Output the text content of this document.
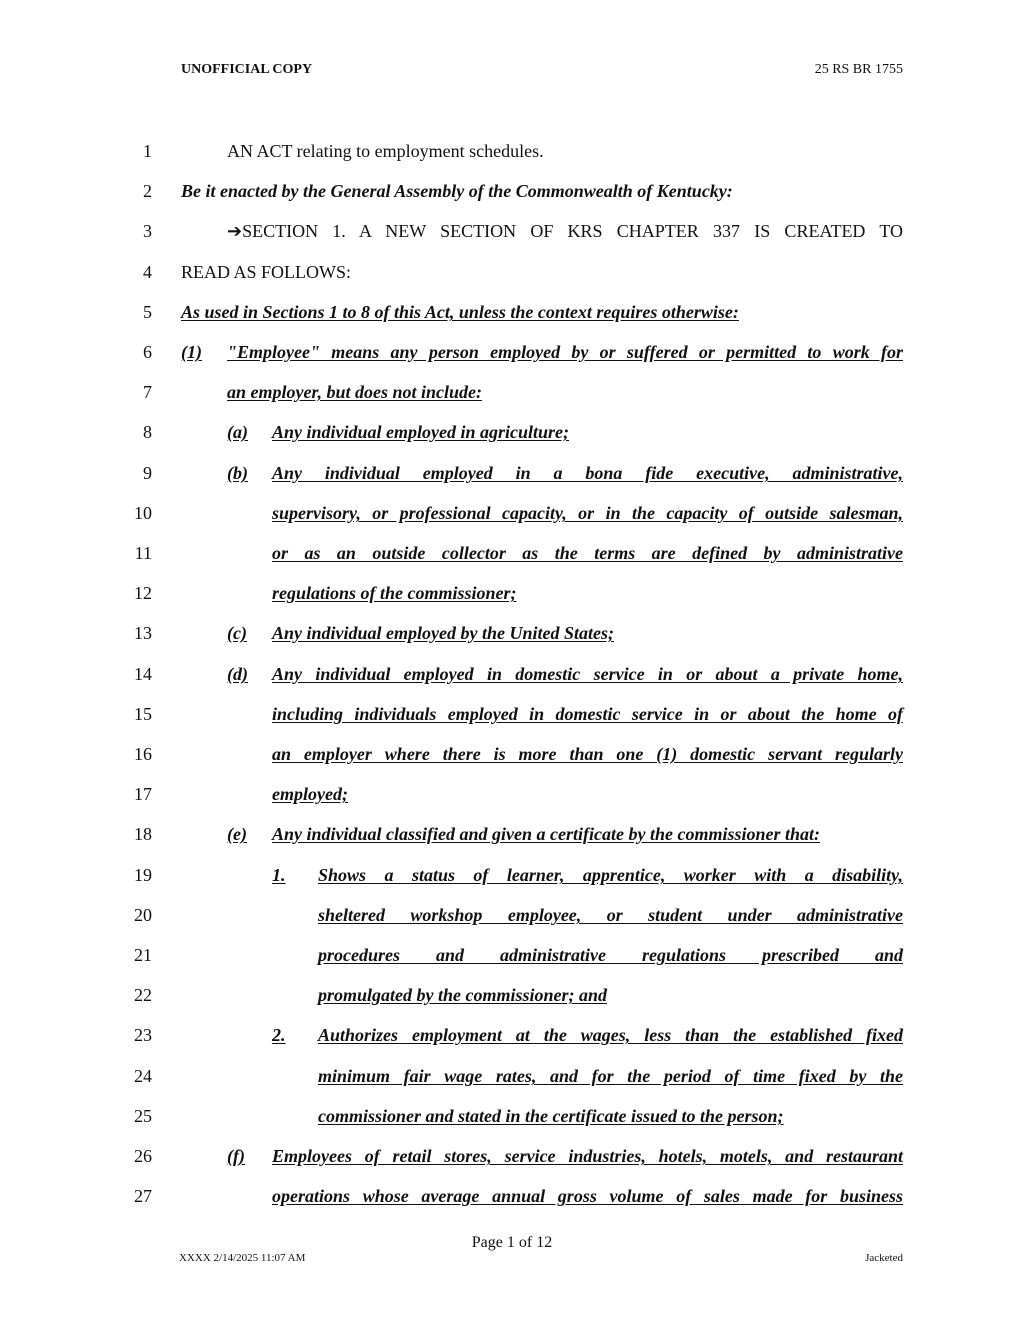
UNOFFICIAL COPY	25 RS BR 1755
1	AN ACT relating to employment schedules.
2 Be it enacted by the General Assembly of the Commonwealth of Kentucky:
3	➔SECTION 1. A NEW SECTION OF KRS CHAPTER 337 IS CREATED TO
4 READ AS FOLLOWS:
5 As used in Sections 1 to 8 of this Act, unless the context requires otherwise:
6 (1) "Employee" means any person employed by or suffered or permitted to work for
7	an employer, but does not include:
8	(a) Any individual employed in agriculture;
9	(b) Any individual employed in a bona fide executive, administrative,
10	supervisory, or professional capacity, or in the capacity of outside salesman,
11	or as an outside collector as the terms are defined by administrative
12	regulations of the commissioner;
13	(c) Any individual employed by the United States;
14	(d) Any individual employed in domestic service in or about a private home,
15	including individuals employed in domestic service in or about the home of
16	an employer where there is more than one (1) domestic servant regularly
17	employed;
18	(e) Any individual classified and given a certificate by the commissioner that:
19	1. Shows a status of learner, apprentice, worker with a disability,
20	sheltered workshop employee, or student under administrative
21	procedures and administrative regulations prescribed and
22	promulgated by the commissioner; and
23	2. Authorizes employment at the wages, less than the established fixed
24	minimum fair wage rates, and for the period of time fixed by the
25	commissioner and stated in the certificate issued to the person;
26	(f) Employees of retail stores, service industries, hotels, motels, and restaurant
27	operations whose average annual gross volume of sales made for business
Page 1 of 12
XXXX 2/14/2025 11:07 AM	Jacketed
